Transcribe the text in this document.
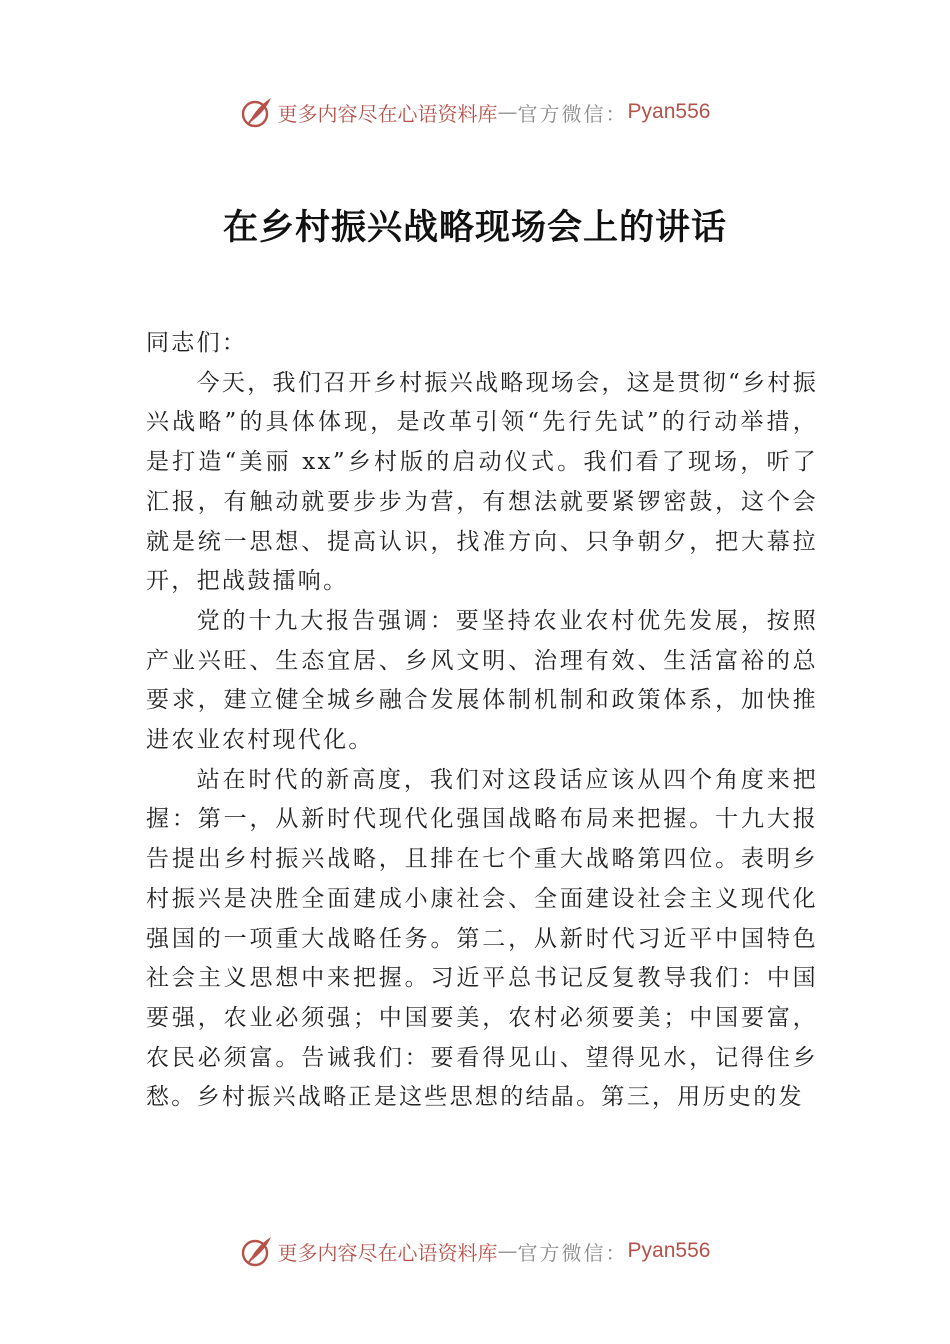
更多内容尽在心语资料库 — 官方微信： Pyan556
在乡村振兴战略现场会上的讲话

同志们：

今天，我们召开乡村振兴战略现场会，这是贯彻“乡村振兴战略”的具体体现，是改革引领“先行先试”的行动举措，是打造“美丽 xx”乡村版的启动仪式。我们看了现场，听了汇报，有触动就要步步为营，有想法就要紧锣密鼓，这个会就是统一思想、提高认识，找准方向、只争朝夕，把大幕拉开，把战鼓擂响。

党的十九大报告强调：要坚持农业农村优先发展，按照产业兴旺、生态宜居、乡风文明、治理有效、生活富裕的总要求，建立健全城乡融合发展体制机制和政策体系，加快推进农业农村现代化。

站在时代的新高度，我们对这段话应该从四个角度来把握：第一，从新时代现代化强国战略布局来把握。十九大报告提出乡村振兴战略，且排在七个重大战略第四位。表明乡村振兴是决胜全面建成小康社会、全面建设社会主义现代化强国的一项重大战略任务。第二，从新时代习近平中国特色社会主义思想中来把握。习近平总书记反复教导我们：中国要强，农业必须强；中国要美，农村必须要美；中国要富， 农民必须富。告诫我们：要看得见山、望得见水，记得住乡愁。乡村振兴战略正是这些思想的结晶。第三，用历史的发

更多内容尽在心语资料库 — 官方微信： Pyan556
